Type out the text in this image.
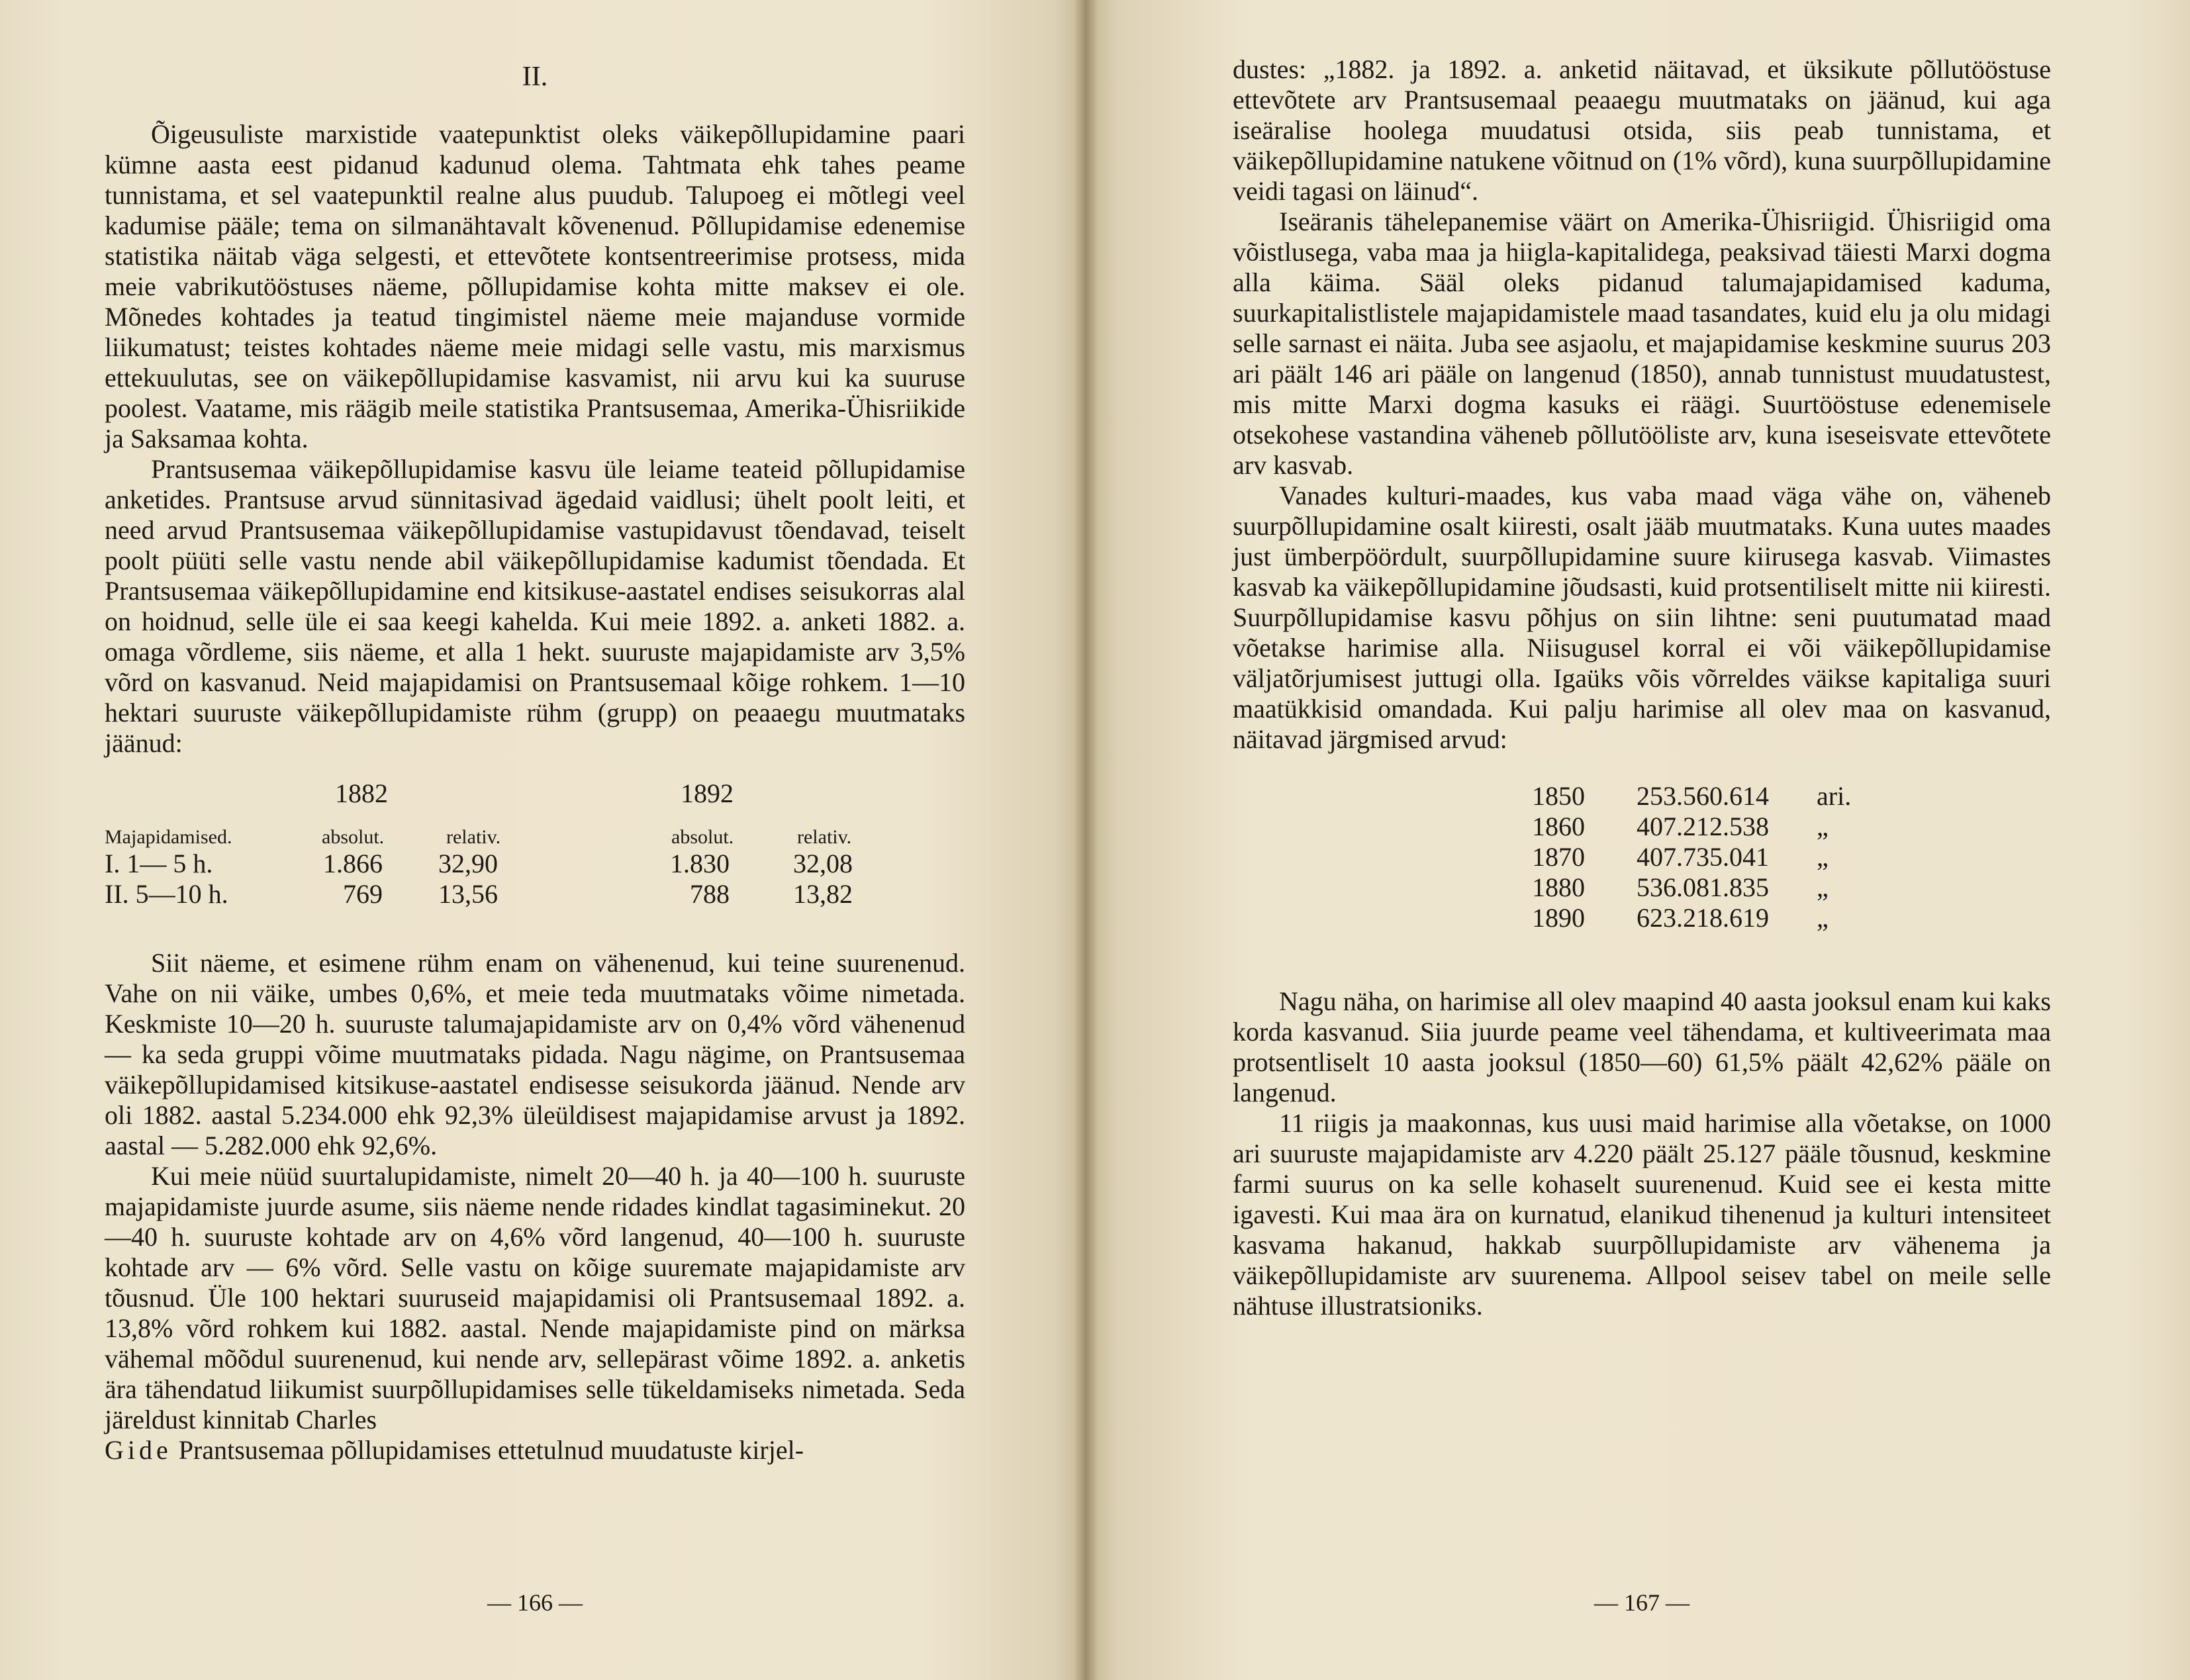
II.

Õigeusuliste marxistide vaatepunktist oleks väikepõllupidamine paari kümne aasta eest pidanud kadunud olema. Tahtmata ehk tahes peame tunnistama, et sel vaatepunktil realne alus puudub. Talupoeg ei mõtlegi veel kadumise pääle; tema on silmanähtavalt kõvenenud. Põllupidamise edenemise statistika näitab väga selgesti, et ettevõtete kontsentreerimise protsess, mida meie vabrikutööstuses näeme, põllupidamise kohta mitte maksev ei ole. Mõnedes kohtades ja teatud tingimistel näeme meie majanduse vormide liikumatust; teistes kohtades näeme meie midagi selle vastu, mis marxismus ettekuulutas, see on väikepõllupidamise kasvamist, nii arvu kui ka suuruse poolest. Vaatame, mis räägib meile statistika Prantsusemaa, Amerika-Ühisriikide ja Saksamaa kohta.

Prantsusemaa väikepõllupidamise kasvu üle leiame teateid põllupidamise anketides. Prantsuse arvud sünnitasivad ägedaid vaidlusi; ühelt poolt leiti, et need arvud Prantsusemaa väikepõllupidamise vastupidavust tõendavad, teiselt poolt püüti selle vastu nende abil väikepõllupidamise kadumist tõendada. Et Prantsusemaa väikepõllupidamine end kitsikuse-aastatel endises seisukorras alal on hoidnud, selle üle ei saa keegi kahelda. Kui meie 1892. a. anketi 1882. a. omaga võrdleme, siis näeme, et alla 1 hekt. suuruste majapidamiste arv 3,5% võrd on kasvanud. Neid majapidamisi on Prantsusemaal kõige rohkem. 1—10 hektari suuruste väikepõllupidamiste rühm (grupp) on peaaegu muutmataks jäänud:

1882	1892
Majapidamised.	absolut.	relativ.	absolut.	relativ.
I. 1— 5 h.	1.866 32,90	1.830 32,08
II. 5—10 h.	769 13,56	788 13,82

Siit näeme, et esimene rühm enam on vähenenud, kui teine suurenenud. Vahe on nii väike, umbes 0,6%, et meie teda muutmataks võime nimetada. Keskmiste 10—20 h. suuruste talumajapidamiste arv on 0,4% võrd vähenenud — ka seda gruppi võime muutmataks pidada. Nagu nägime, on Prantsusemaa väikepõllupidamised kitsikuse-aastatel endisesse seisukorda jäänud. Nende arv oli 1882. aastal 5.234.000 ehk 92,3% üleüldisest majapidamise arvust ja 1892. aastal — 5.282.000 ehk 92,6%.

Kui meie nüüd suurtalupidamiste, nimelt 20—40 h. ja 40—100 h. suuruste majapidamiste juurde asume, siis näeme nende ridades kindlat tagasiminekut. 20—40 h. suuruste kohtade arv on 4,6% võrd langenud, 40—100 h. suuruste kohtade arv — 6% võrd. Selle vastu on kõige suuremate majapidamiste arv tõusnud. Üle 100 hektari suuruseid majapidamisi oli Prantsusemaal 1892. a. 13,8% võrd rohkem kui 1882. aastal. Nende majapidamiste pind on märksa vähemal mõõdul suurenenud, kui nende arv, sellepärast võime 1892. a. anketis ära tähendatud liikumist suurpõllupidamises selle tükeldamiseks nimetada. Seda järeldust kinnitab Charles

Gide Prantsusemaa põllupidamises ettetulnud muudatuste kirjel-

— 166 —

dustes: „1882. ja 1892. a. anketid näitavad, et üksikute põllutööstuse ettevõtete arv Prantsusemaal peaaegu muutmataks on jäänud, kui aga iseäralise hoolega muudatusi otsida, siis peab tunnistama, et väikepõllupidamine natukene võitnud on (1% võrd), kuna suurpõllupidamine veidi tagasi on läinud“.

Iseäranis tähelepanemise väärt on Amerika-Ühisriigid. Ühisriigid oma võistlusega, vaba maa ja hiigla-kapitalidega, peaksivad täiesti Marxi dogma alla käima. Sääl oleks pidanud talumajapidamised kaduma, suurkapitalistlistele majapidamistele maad tasandates, kuid elu ja olu midagi selle sarnast ei näita. Juba see asjaolu, et majapidamise keskmine suurus 203 ari päält 146 ari pääle on langenud (1850), annab tunnistust muudatustest, mis mitte Marxi dogma kasuks ei räägi. Suurtööstuse edenemisele otsekohese vastandina väheneb põllutööliste arv, kuna iseseisvate ettevõtete arv kasvab.

Vanades kulturi-maades, kus vaba maad väga vähe on, väheneb suurpõllupidamine osalt kiiresti, osalt jääb muutmataks. Kuna uutes maades just ümberpöördult, suurpõllupidamine suure kiirusega kasvab. Viimastes kasvab ka väikepõllupidamine jõudsasti, kuid protsentiliselt mitte nii kiiresti. Suurpõllupidamise kasvu põhjus on siin lihtne: seni puutumatad maad võetakse harimise alla. Niisugusel korral ei või väikepõllupidamise väljatõrjumisest juttugi olla. Igaüks võis võrreldes väikse kapitaliga suuri maatükkisid omandada. Kui palju harimise all olev maa on kasvanud, näitavad järgmised arvud:

1850 253.560.614 ari.
1860 407.212.538 „
1870 407.735.041 „
1880 536.081.835 „
1890 623.218.619 „

Nagu näha, on harimise all olev maapind 40 aasta jooksul enam kui kaks korda kasvanud. Siia juurde peame veel tähendama, et kultiveerimata maa protsentliselt 10 aasta jooksul (1850—60) 61,5% päält 42,62% pääle on langenud.

11 riigis ja maakonnas, kus uusi maid harimise alla võetakse, on 1000 ari suuruste majapidamiste arv 4.220 päält 25.127 pääle tõusnud, keskmine farmi suurus on ka selle kohaselt suurenenud. Kuid see ei kesta mitte igavesti. Kui maa ära on kurnatud, elanikud tihenenud ja kulturi intensiteet kasvama hakanud, hakkab suurpõllupidamiste arv vähenema ja väikepõllupidamiste arv suurenema. Allpool seisev tabel on meile selle nähtuse illustratsioniks.

— 167 —
